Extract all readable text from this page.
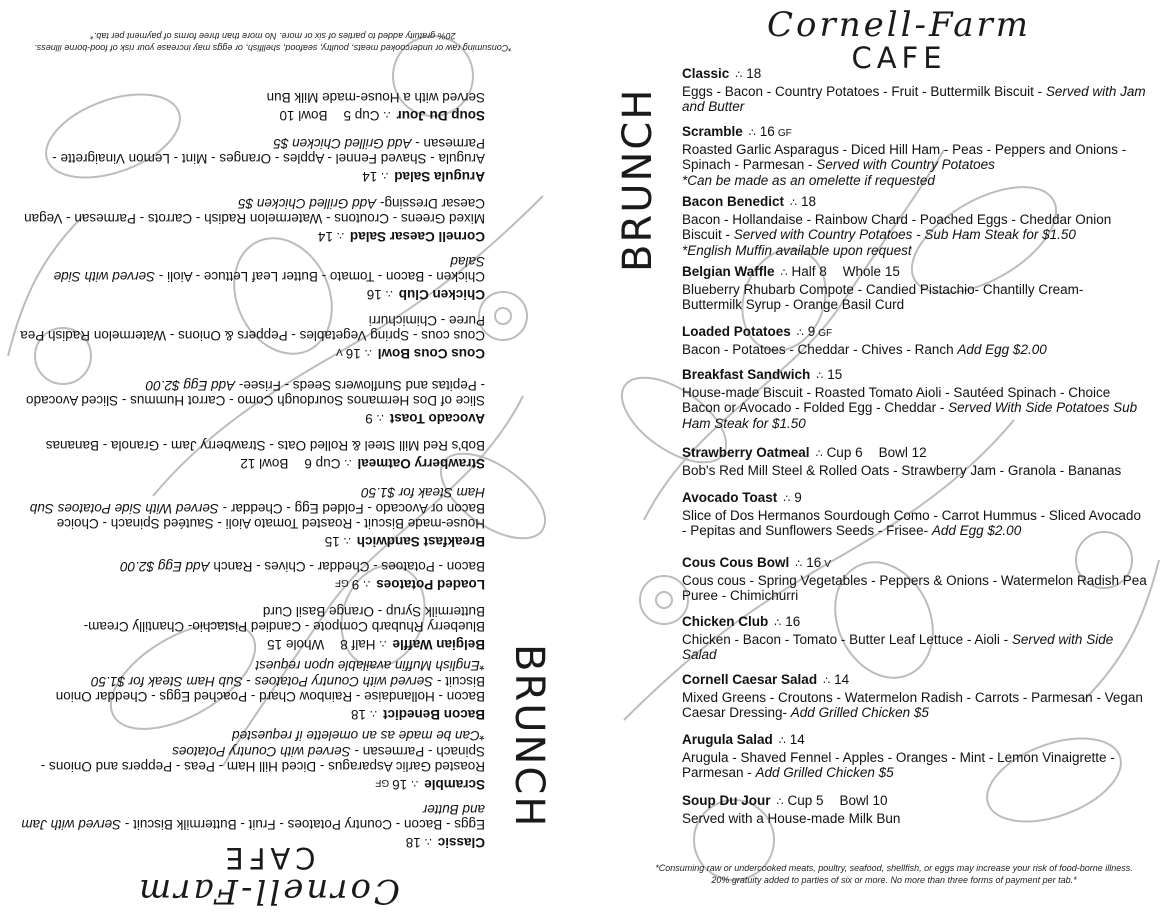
Cornell-Farm
CAFE
BRUNCH
Classic∴18
Eggs - Bacon - Country Potatoes - Fruit - Buttermilk Biscuit - Served with Jam and Butter
Scramble∴16GF
Roasted Garlic Asparagus - Diced Hill Ham - Peas - Peppers and Onions - Spinach - Parmesan - Served with Country Potatoes
*Can be made as an omelette if requested
Bacon Benedict∴18
Bacon - Hollandaise - Rainbow Chard - Poached Eggs - Cheddar Onion Biscuit - Served with Country Potatoes - Sub Ham Steak for $1.50
*English Muffin available upon request
Belgian Waffle∴Half 8Whole 15
Blueberry Rhubarb Compote - Candied Pistachio- Chantilly Cream- Buttermilk Syrup - Orange Basil Curd
Loaded Potatoes∴9GF
Bacon - Potatoes - Cheddar - Chives - Ranch Add Egg $2.00
Breakfast Sandwich∴15
House-made Biscuit - Roasted Tomato Aioli - Sautéed Spinach - Choice Bacon or Avocado - Folded Egg - Cheddar - Served With Side Potatoes Sub Ham Steak for $1.50
Strawberry Oatmeal∴Cup 6Bowl 12
Bob's Red Mill Steel & Rolled Oats - Strawberry Jam - Granola - Bananas
Avocado Toast∴9
Slice of Dos Hermanos Sourdough Como - Carrot Hummus - Sliced Avocado - Pepitas and Sunflowers Seeds - Frisee- Add Egg $2.00
Cous Cous Bowl∴16V
Cous cous - Spring Vegetables - Peppers & Onions - Watermelon Radish Pea Puree - Chimichurri
Chicken Club∴16
Chicken - Bacon - Tomato - Butter Leaf Lettuce - Aioli - Served with Side Salad
Cornell Caesar Salad∴14
Mixed Greens - Croutons - Watermelon Radish - Carrots - Parmesan - Vegan Caesar Dressing- Add Grilled Chicken $5
Arugula Salad∴14
Arugula - Shaved Fennel - Apples - Oranges - Mint - Lemon Vinaigrette - Parmesan - Add Grilled Chicken $5
Soup Du Jour∴Cup 5Bowl 10
Served with a House-made Milk Bun
*Consuming raw or undercooked meats, poultry, seafood, shellfish, or eggs may increase your risk of food-borne illness.
20% gratuity added to parties of six or more. No more than three forms of payment per tab.*	Cornell-Farm
CAFE
BRUNCH
Classic ∴ 18
Eggs - Bacon - Country Potatoes - Fruit - Buttermilk Biscuit - Served with Jam and Butter
Scramble ∴ 16 GF
Roasted Garlic Asparagus - Diced Hill Ham - Peas - Peppers and Onions - Spinach - Parmesan - Served with Country Potatoes
*Can be made as an omelette if requested
Bacon Benedict ∴ 18
Bacon - Hollandaise - Rainbow Chard - Poached Eggs - Cheddar Onion Biscuit - Served with Country Potatoes - Sub Ham Steak for $1.50
*English Muffin available upon request
Belgian Waffle ∴ Half 8 Whole 15
Blueberry Rhubarb Compote - Candied Pistachio- Chantilly Cream- Buttermilk Syrup - Orange Basil Curd
Loaded Potatoes ∴ 9 GF
Bacon - Potatoes - Cheddar - Chives - Ranch Add Egg $2.00
Breakfast Sandwich ∴ 15
House-made Biscuit - Roasted Tomato Aioli - Sautéed Spinach - Choice Bacon or Avocado - Folded Egg - Cheddar - Served With Side Potatoes Sub Ham Steak for $1.50
Strawberry Oatmeal ∴ Cup 6 Bowl 12
Bob's Red Mill Steel & Rolled Oats - Strawberry Jam - Granola - Bananas
Avocado Toast ∴ 9
Slice of Dos Hermanos Sourdough Como - Carrot Hummus - Sliced Avocado - Pepitas and Sunflowers Seeds - Frisee- Add Egg $2.00
Cous Cous Bowl ∴ 16 V
Cous cous - Spring Vegetables - Peppers & Onions - Watermelon Radish Pea Puree - Chimichurri
Chicken Club ∴ 16
Chicken - Bacon - Tomato - Butter Leaf Lettuce - Aioli - Served with Side Salad
Cornell Caesar Salad ∴ 14
Mixed Greens - Croutons - Watermelon Radish - Carrots - Parmesan - Vegan Caesar Dressing- Add Grilled Chicken $5
Arugula Salad ∴ 14
Arugula - Shaved Fennel - Apples - Oranges - Mint - Lemon Vinaigrette - Parmesan - Add Grilled Chicken $5
Soup Du Jour ∴ Cup 5 Bowl 10
Served with a House-made Milk Bun
*Consuming raw or undercooked meats, poultry, seafood, shellfish, or eggs may increase your risk of food-borne illness.
20% gratuity added to parties of six or more. No more than three forms of payment per tab.*
